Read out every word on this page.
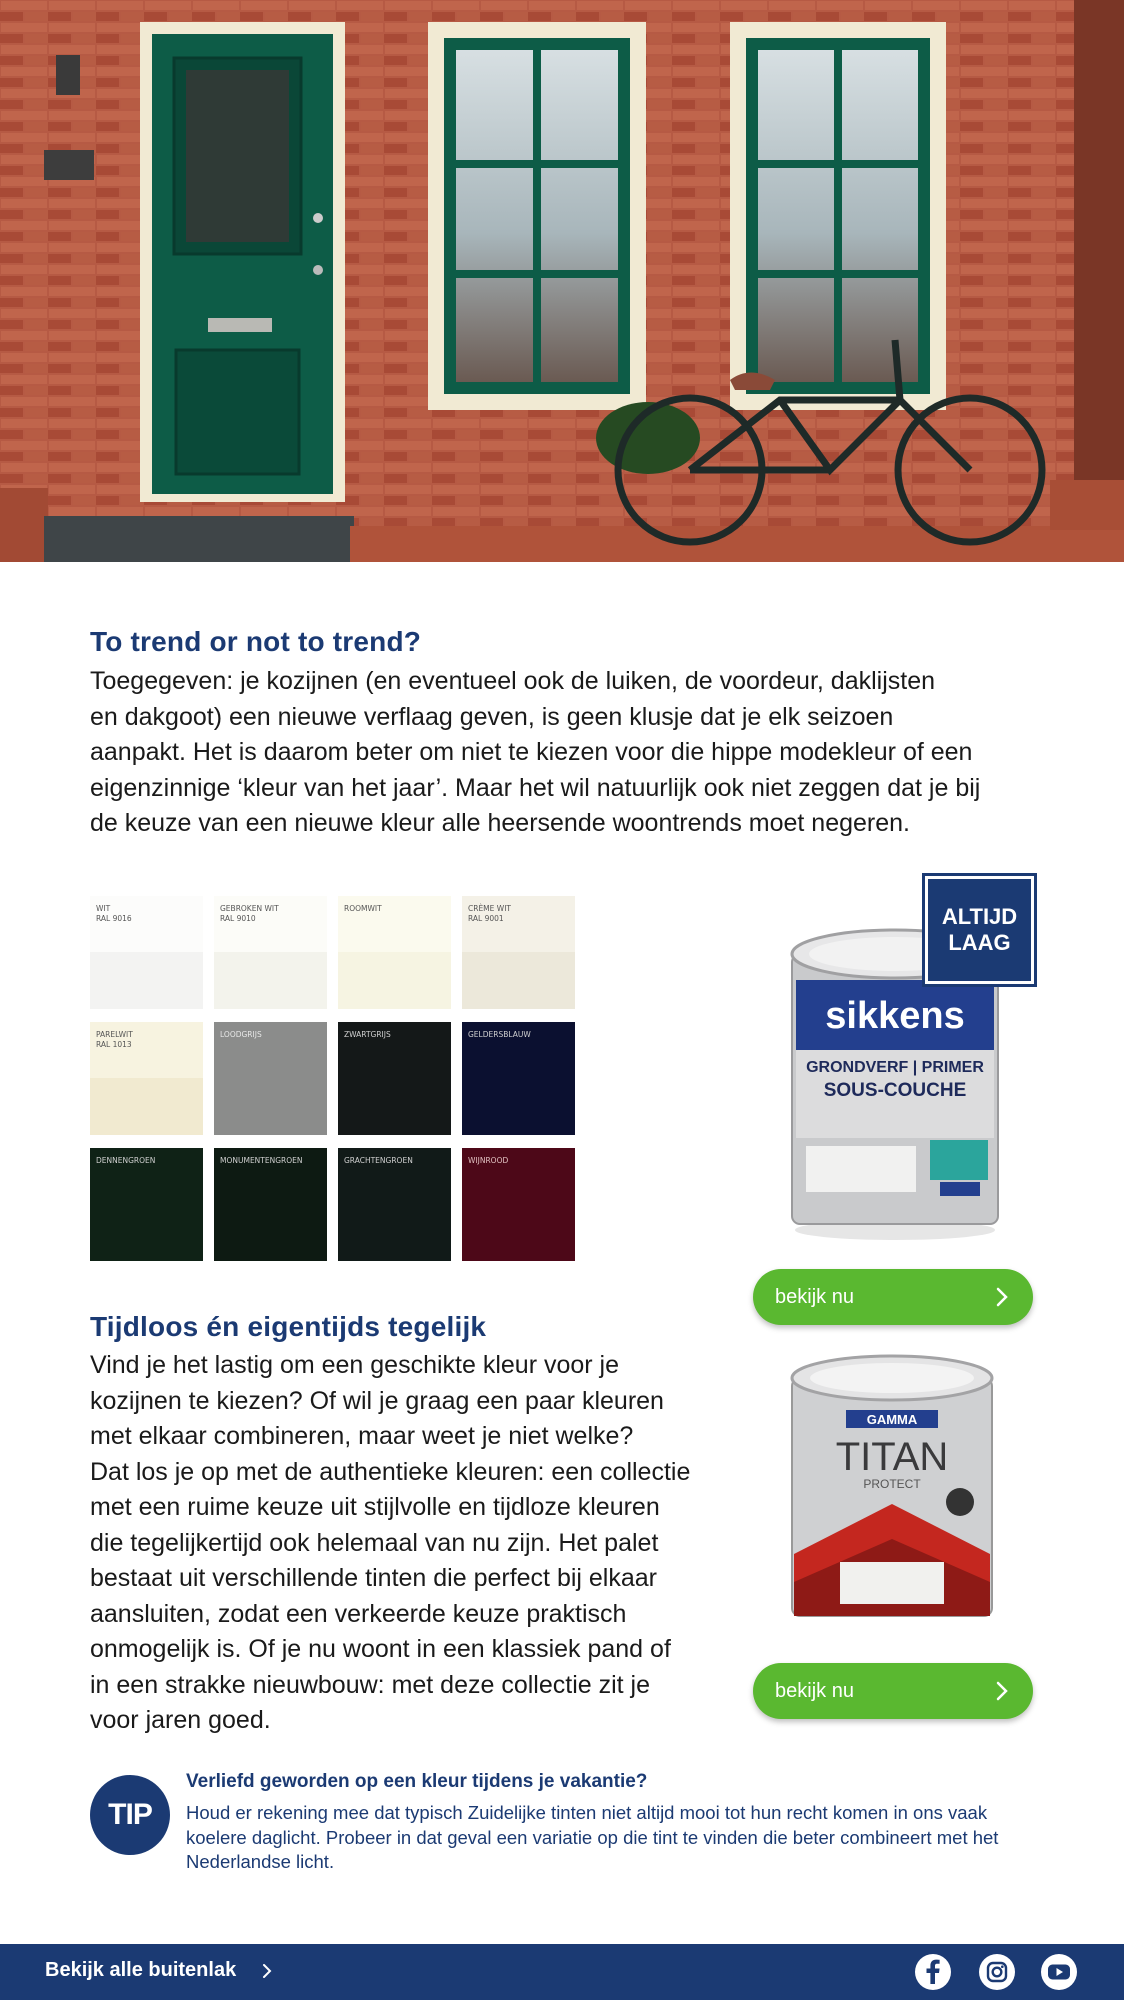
To trend or not to trend?
Toegegeven: je kozijnen (en eventueel ook de luiken, de voordeur, daklijsten
en dakgoot) een nieuwe verflaag geven, is geen klusje dat je elk seizoen
aanpakt. Het is daarom beter om niet te kiezen voor die hippe modekleur of een
eigenzinnige ‘kleur van het jaar’. Maar het wil natuurlijk ook niet zeggen dat je bij
de keuze van een nieuwe kleur alle heersende woontrends moet negeren.
WIT
RAL 9016
GEBROKEN WIT
RAL 9010
ROOMWIT	CRÈME WIT
RAL 9001
PARELWIT
RAL 1013
LOODGRIJS	ZWARTGRIJS	GELDERSBLAUW
DENNENGROEN	MONUMENTENGROEN	GRACHTENGROEN	WIJNROOD
sikkens
GRONDVERF | PRIMER
SOUS-COUCHE
ALTIJD
LAAG
bekijk nu
Tijdloos én eigentijds tegelijk
Vind je het lastig om een geschikte kleur voor je
kozijnen te kiezen? Of wil je graag een paar kleuren
met elkaar combineren, maar weet je niet welke?
Dat los je op met de authentieke kleuren: een collectie
met een ruime keuze uit stijlvolle en tijdloze kleuren
die tegelijkertijd ook helemaal van nu zijn. Het palet
bestaat uit verschillende tinten die perfect bij elkaar
aansluiten, zodat een verkeerde keuze praktisch
onmogelijk is. Of je nu woont in een klassiek pand of
in een strakke nieuwbouw: met deze collectie zit je
voor jaren goed.
GAMMA
TITAN
PROTECT
bekijk nu
TIP
Verliefd geworden op een kleur tijdens je vakantie?
Houd er rekening mee dat typisch Zuidelijke tinten niet altijd mooi tot hun recht komen in ons vaak koelere daglicht. Probeer in dat geval een variatie op die tint te vinden die beter combineert met het Nederlandse licht.
Bekijk alle buitenlak
